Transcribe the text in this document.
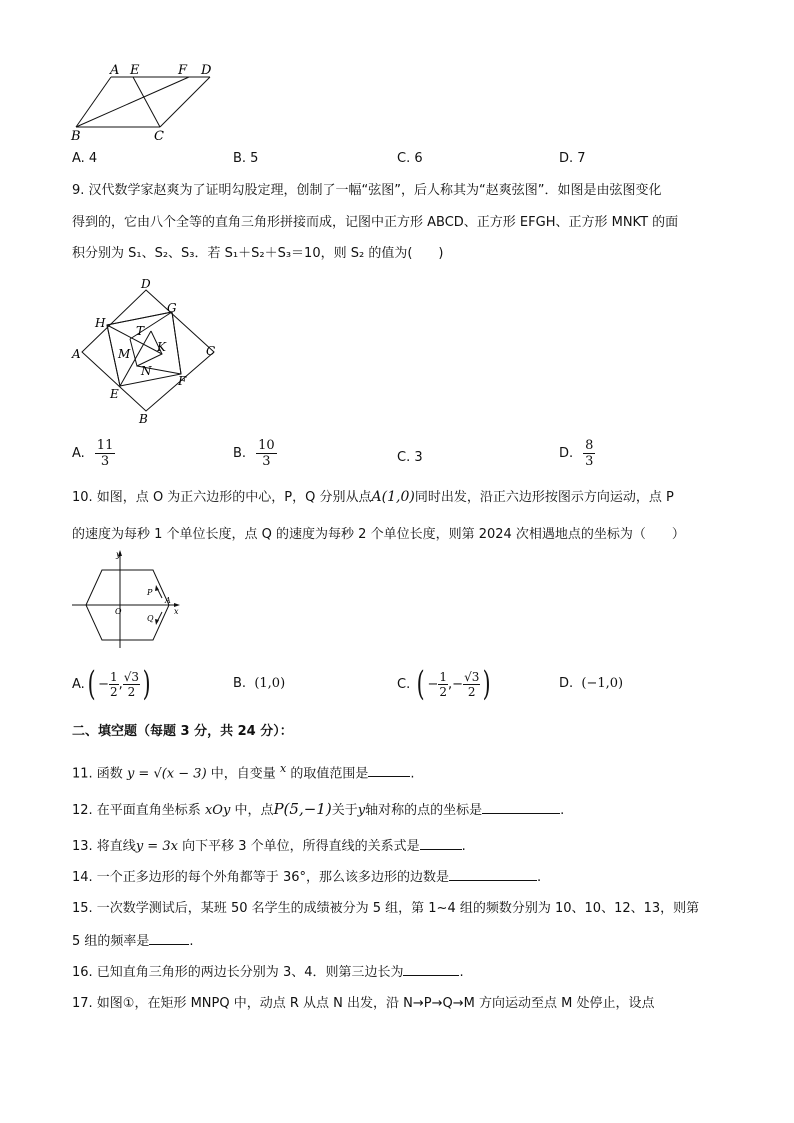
A E	F D
B	C
A. 4	B. 5	C. 6	D. 7
9. 汉代数学家赵爽为了证明勾股定理，创制了一幅“弦图”，后人称其为“赵爽弦图”．如图是由弦图变化
得到的，它由八个全等的直角三角形拼接而成，记图中正方形 ABCD、正方形 EFGH、正方形 MNKT 的面
积分别为 S₁、S₂、S₃．若 S₁＋S₂＋S₃＝10，则 S₂ 的值为(　　)
D
G
H
T
A	C
M K
N
E
F
B
A. $\frac{11}{3}$	B. $\frac{10}{3}$	C. 3	D. $\frac{8}{3}$
10. 如图，点 O 为正六边形的中心，P，Q 分别从点A(1,0)同时出发，沿正六边形按图示方向运动，点 P
的速度为每秒 1 个单位长度，点 Q 的速度为每秒 2 个单位长度，则第 2024 次相遇地点的坐标为（　　）
y
P
A
O
Q
x
A. ( − $\frac{1}{2}$ , √3
2 )	B. (1,0)	C. ( − $\frac{1}{2}$ ,− $\frac{√3}{2}$ )	D. (−1,0)
二、填空题（每题 3 分，共 24 分）：
11. 函数 y = √(x − 3) 中，自变量 $^x$ 的取值范围是	.
12. 在平面直角坐标系 xOy 中，点P(5,−1)关于y轴对称的点的坐标是	.
13. 将直线y = 3x 向下平移 3 个单位，所得直线的关系式是	.
14. 一个正多边形的每个外角都等于 36°，那么该多边形的边数是	.
15. 一次数学测试后，某班 50 名学生的成绩被分为 5 组，第 1~4 组的频数分别为 10、10、12、13，则第
5 组的频率是	.
16. 已知直角三角形的两边长分别为 3、4．则第三边长为	.
17. 如图①，在矩形 MNPQ 中，动点 R 从点 N 出发，沿 N→P→Q→M 方向运动至点 M 处停止，设点
